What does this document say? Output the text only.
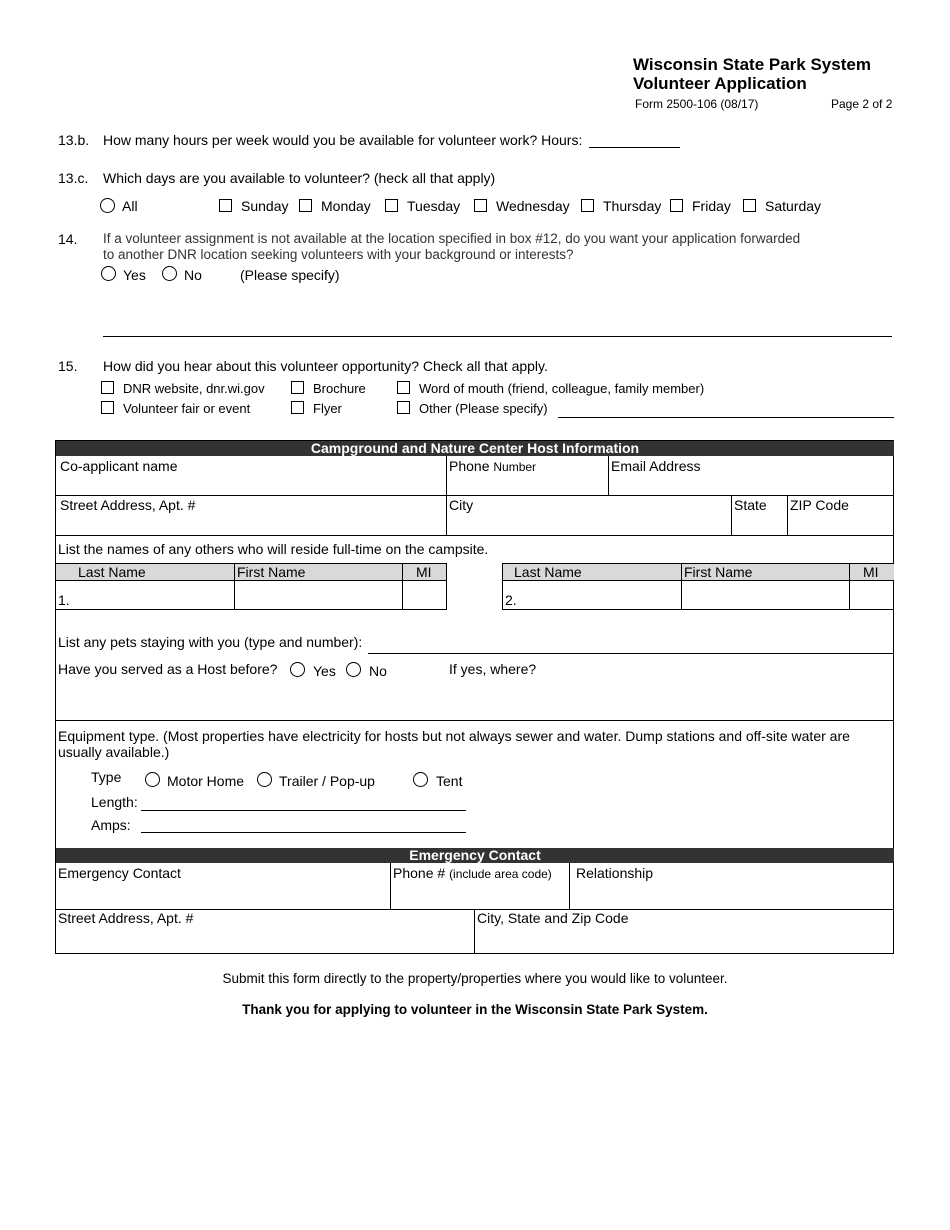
Wisconsin State Park System
Volunteer Application
Form 2500-106 (08/17)	Page 2 of 2
13.b. How many hours per week would you be available for volunteer work? Hours:
13.c. Which days are you available to volunteer? (heck all that apply)
All	Sunday Monday	Tuesday	Wednesday Thursday Friday Saturday
14. If a volunteer assignment is not available at the location specified in box #12, do you want your application forwarded
to another DNR location seeking volunteers with your background or interests?
Yes	No	(Please specify)
15. How did you hear about this volunteer opportunity? Check all that apply.
DNR website, dnr.wi.gov	Brochure	Word of mouth (friend, colleague, family member)
Volunteer fair or event	Flyer	Other (Please specify)
Campground and Nature Center Host Information
Co-applicant name	Phone Number	Email Address
Street Address, Apt. #	City	State ZIP Code
List the names of any others who will reside full-time on the campsite.
Last Name	First Name	MI
1.
Last Name	First Name	MI
2.
List any pets staying with you (type and number):
Have you served as a Host before?	Yes No	If yes, where?
Equipment type. (Most properties have electricity for hosts but not always sewer and water. Dump stations and off-site water are
usually available.)
Type	Motor Home Trailer / Pop-up	Tent
Length:
Amps:
Emergency Contact
Emergency Contact	Phone # (include area code) Relationship
Street Address, Apt. #	City, State and Zip Code
Submit this form directly to the property/properties where you would like to volunteer.
Thank you for applying to volunteer in the Wisconsin State Park System.
